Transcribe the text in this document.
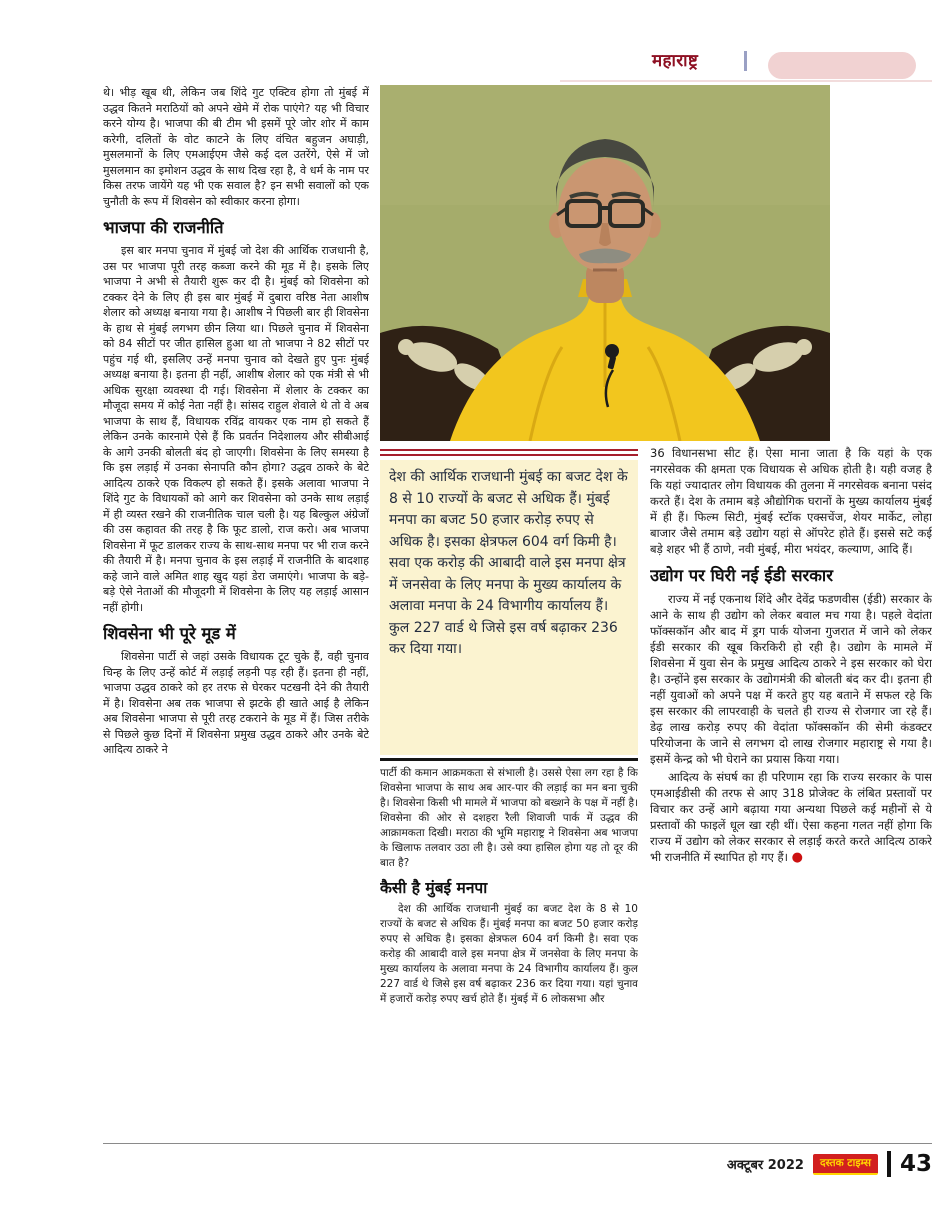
महाराष्ट्र

थे। भीड़ खूब थी, लेकिन जब शिंदे गुट एक्टिव होगा तो मुंबई में उद्धव कितने मराठियों को अपने खेमे में रोक पाएंगे? यह भी विचार करने योग्य है। भाजपा की बी टीम भी इसमें पूरे जोर शोर में काम करेगी, दलितों के वोट काटने के लिए वंचित बहुजन अघाड़ी, मुसलमानों के लिए एमआईएम जैसे कई दल उतरेंगे, ऐसे में जो मुसलमान का इमोशन उद्धव के साथ दिख रहा है, वे धर्म के नाम पर किस तरफ जायेंगे यह भी एक सवाल है? इन सभी सवालों को एक चुनौती के रूप में शिवसेन को स्वीकार करना होगा।

भाजपा की राजनीति

इस बार मनपा चुनाव में मुंबई जो देश की आर्थिक राजधानी है, उस पर भाजपा पूरी तरह कब्जा करने की मूड में है। इसके लिए भाजपा ने अभी से तैयारी शुरू कर दी है। मुंबई को शिवसेना को टक्कर देने के लिए ही इस बार मुंबई में दुबारा वरिष्ठ नेता आशीष शेलार को अध्यक्ष बनाया गया है। आशीष ने पिछली बार ही शिवसेना के हाथ से मुंबई लगभग छीन लिया था। पिछले चुनाव में शिवसेना को 84 सीटों पर जीत हासिल हुआ था तो भाजपा ने 82 सीटों पर पहुंच गई थी, इसलिए उन्हें मनपा चुनाव को देखते हुए पुनः मुंबई अध्यक्ष बनाया है। इतना ही नहीं, आशीष शेलार को एक मंत्री से भी अधिक सुरक्षा व्यवस्था दी गई। शिवसेना में शेलार के टक्कर का मौजूदा समय में कोई नेता नहीं है। सांसद राहुल शेवाले थे तो वे अब भाजपा के साथ हैं, विधायक रविंद्र वायकर एक नाम हो सकते हैं लेकिन उनके कारनामे ऐसे हैं कि प्रवर्तन निदेशालय और सीबीआई के आगे उनकी बोलती बंद हो जाएगी। शिवसेना के लिए समस्या है कि इस लड़ाई में उनका सेनापति कौन होगा? उद्धव ठाकरे के बेटे आदित्य ठाकरे एक विकल्प हो सकते हैं। इसके अलावा भाजपा ने शिंदे गुट के विधायकों को आगे कर शिवसेना को उनके साथ लड़ाई में ही व्यस्त रखने की राजनीतिक चाल चली है। यह बिल्कुल अंग्रेजों की उस कहावत की तरह है कि फूट डालो, राज करो। अब भाजपा शिवसेना में फूट डालकर राज्य के साथ-साथ मनपा पर भी राज करने की तैयारी में है। मनपा चुनाव के इस लड़ाई में राजनीति के बादशाह कहे जाने वाले अमित शाह खुद यहां डेरा जमाएंगे। भाजपा के बड़े-बड़े ऐसे नेताओं की मौजूदगी में शिवसेना के लिए यह लड़ाई आसान नहीं होगी।

शिवसेना भी पूरे मूड में

शिवसेना पार्टी से जहां उसके विधायक टूट चुके हैं, वही चुनाव चिन्ह के लिए उन्हें कोर्ट में लड़ाई लड़नी पड़ रही हैं। इतना ही नहीं, भाजपा उद्धव ठाकरे को हर तरफ से घेरकर पटखनी देने की तैयारी में है। शिवसेना अब तक भाजपा से झटके ही खाते आई है लेकिन अब शिवसेना भाजपा से पूरी तरह टकराने के मूड में हैं। जिस तरीके से पिछले कुछ दिनों में शिवसेना प्रमुख उद्धव ठाकरे और उनके बेटे आदित्य ठाकरे ने

देश की आर्थिक राजधानी मुंबई का बजट देश के 8 से 10 राज्यों के बजट से अधिक हैं। मुंबई मनपा का बजट 50 हजार करोड़ रुपए से अधिक है। इसका क्षेत्रफल 604 वर्ग किमी है। सवा एक करोड़ की आबादी वाले इस मनपा क्षेत्र में जनसेवा के लिए मनपा के मुख्य कार्यालय के अलावा मनपा के 24 विभागीय कार्यालय हैं। कुल 227 वार्ड थे जिसे इस वर्ष बढ़ाकर 236 कर दिया गया।

पार्टी की कमान आक्रमकता से संभाली है। उससे ऐसा लग रहा है कि शिवसेना भाजपा के साथ अब आर-पार की लड़ाई का मन बना चुकी है। शिवसेना किसी भी मामले में भाजपा को बख्शने के पक्ष में नहीं है। शिवसेना की ओर से दशहरा रैली शिवाजी पार्क में उद्धव की आक्रामकता दिखी। मराठा की भूमि महाराष्ट्र ने शिवसेना अब भाजपा के खिलाफ तलवार उठा ली है। उसे क्या हासिल होगा यह तो दूर की बात है?

कैसी है मुंबई मनपा

देश की आर्थिक राजधानी मुंबई का बजट देश के 8 से 10 राज्यों के बजट से अधिक हैं। मुंबई मनपा का बजट 50 हजार करोड़ रुपए से अधिक है। इसका क्षेत्रफल 604 वर्ग किमी है। सवा एक करोड़ की आबादी वाले इस मनपा क्षेत्र में जनसेवा के लिए मनपा के मुख्य कार्यालय के अलावा मनपा के 24 विभागीय कार्यालय हैं। कुल 227 वार्ड थे जिसे इस वर्ष बढ़ाकर 236 कर दिया गया। यहां चुनाव में हजारों करोड़ रुपए खर्च होते हैं। मुंबई में 6 लोकसभा और

36 विधानसभा सीट हैं। ऐसा माना जाता है कि यहां के एक नगरसेवक की क्षमता एक विधायक से अधिक होती है। यही वजह है कि यहां ज्यादातर लोग विधायक की तुलना में नगरसेवक बनाना पसंद करते हैं। देश के तमाम बड़े औद्योगिक घरानों के मुख्य कार्यालय मुंबई में ही हैं। फिल्म सिटी, मुंबई स्टॉक एक्सचेंज, शेयर मार्केट, लोहा बाजार जैसे तमाम बड़े उद्योग यहां से ऑपरेट होते हैं। इससे सटे कई बड़े शहर भी हैं ठाणे, नवी मुंबई, मीरा भयंदर, कल्याण, आदि हैं।

उद्योग पर घिरी नई ईडी सरकार

राज्य में नई एकनाथ शिंदे और देवेंद्र फडणवीस (ईडी) सरकार के आने के साथ ही उद्योग को लेकर बवाल मच गया है। पहले वेदांता फॉक्सकॉन और बाद में ड्रग पार्क योजना गुजरात में जाने को लेकर ईडी सरकार की खूब किरकिरी हो रही है। उद्योग के मामले में शिवसेना में युवा सेन के प्रमुख आदित्य ठाकरे ने इस सरकार को घेरा है। उन्होंने इस सरकार के उद्योगमंत्री की बोलती बंद कर दी। इतना ही नहीं युवाओं को अपने पक्ष में करते हुए यह बताने में सफल रहे कि इस सरकार की लापरवाही के चलते ही राज्य से रोजगार जा रहे हैं। डेढ़ लाख करोड़ रुपए की वेदांता फॉक्सकॉन की सेमी कंडक्टर परियोजना के जाने से लगभग दो लाख रोजगार महाराष्ट्र से गया है। इसमें केन्द्र को भी घेराने का प्रयास किया गया।

आदित्य के संघर्ष का ही परिणाम रहा कि राज्य सरकार के पास एमआईडीसी की तरफ से आए 318 प्रोजेक्ट के लंबित प्रस्तावों पर विचार कर उन्हें आगे बढ़ाया गया अन्यथा पिछले कई महीनों से ये प्रस्तावों की फाइलें धूल खा रही थीं। ऐसा कहना गलत नहीं होगा कि राज्य में उद्योग को लेकर सरकार से लड़ाई करते करते आदित्य ठाकरे भी राजनीति में स्थापित हो गए हैं। ●

अक्टूबर 2022	दस्तक टाइम्स	43
